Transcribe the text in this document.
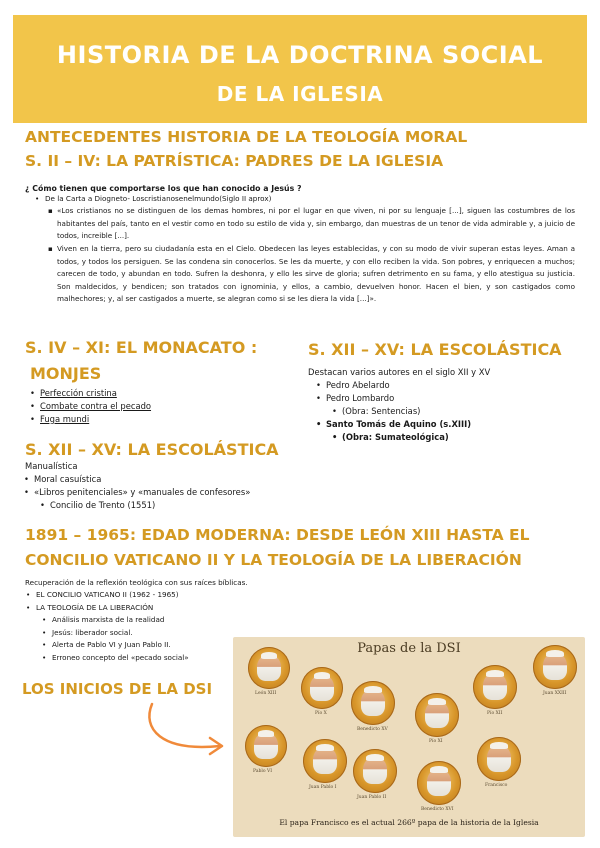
HISTORIA DE LA DOCTRINA SOCIAL
DE LA IGLESIA
ANTECEDENTES HISTORIA DE LA TEOLOGÍA MORAL
S. II – IV: LA PATRÍSTICA: PADRES DE LA IGLESIA
¿ Cómo tienen que comportarse los que han conocido a Jesús ?
• De la Carta a Diogneto- Loscristianosenelmundo(Siglo II aprox)
▪ «Los cristianos no se distinguen de los demas hombres, ni por el lugar en que viven, ni por su lenguaje [...], siguen las costumbres de los habitantes del país, tanto en el vestir como en todo su estilo de vida y, sin embargo, dan muestras de un tenor de vida admirable y, a juicio de todos, increible [...].
▪ Viven en la tierra, pero su ciudadanía esta en el Cielo. Obedecen las leyes establecidas, y con su modo de vivir superan estas leyes. Aman a todos, y todos los persiguen. Se las condena sin conocerlos. Se les da muerte, y con ello reciben la vida. Son pobres, y enriquecen a muchos; carecen de todo, y abundan en todo. Sufren la deshonra, y ello les sirve de gloria; sufren detrimento en su fama, y ello atestigua su justicia. Son maldecidos, y bendicen; son tratados con ignominia, y ellos, a cambio, devuelven honor. Hacen el bien, y son castigados como malhechores; y, al ser castigados a muerte, se alegran como si se les diera la vida [...]».
S. IV – XI: EL MONACATO :
MONJES
• Perfección cristina
• Combate contra el pecado
• Fuga mundi
S. XII – XV: LA ESCOLÁSTICA
Destacan varios autores en el siglo XII y XV
• Pedro Abelardo
• Pedro Lombardo
• (Obra: Sentencias)
• Santo Tomás de Aquino (s.XIII)
• (Obra: Sumateológica)
S. XII – XV: LA ESCOLÁSTICA
Manualística
• Moral casuística
• «Libros penitenciales» y «manuales de confesores»
• Concilio de Trento (1551)
1891 – 1965: EDAD MODERNA: DESDE LEÓN XIII HASTA EL
CONCILIO VATICANO II Y LA TEOLOGÍA DE LA LIBERACIÓN
Recuperación de la reflexión teológica con sus raíces bíblicas.
• EL CONCILIO VATICANO II (1962 - 1965)
• LA TEOLOGÍA DE LA LIBERACIÓN
• Análisis marxista de la realidad
• Jesús: liberador social.
• Alerta de Pablo VI y Juan Pablo II.
• Erroneo concepto del «pecado social»
LOS INICIOS DE LA DSI
Papas de la DSI
León XIII
Pío X
Benedicto XV
Pío XI
Pío XII
Juan XXIII
Pablo VI
Juan Pablo I
Juan Pablo II
Benedicto XVI
Francisco
El papa Francisco es el actual 266º papa de la historia de la Iglesia
